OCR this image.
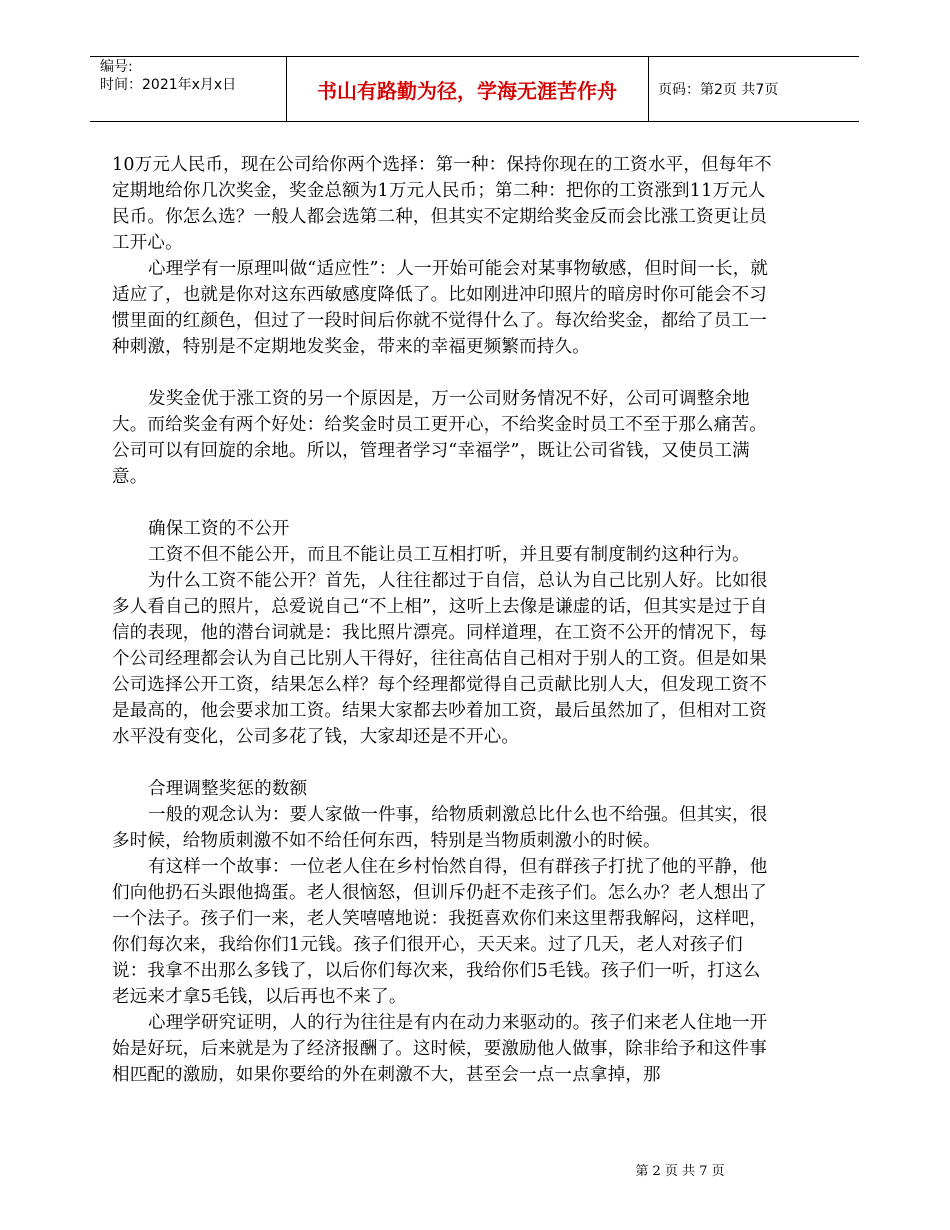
编号:
时间：2021年x月x日	书山有路勤为径，学海无涯苦作舟	页码：第2页 共7页

10万元人民币，现在公司给你两个选择：第一种：保持你现在的工资水平，但每年不定期地给你几次奖金，奖金总额为1万元人民币；第二种：把你的工资涨到11万元人民币。你怎么选？一般人都会选第二种，但其实不定期给奖金反而会比涨工资更让员工开心。

心理学有一原理叫做“适应性”：人一开始可能会对某事物敏感，但时间一长，就适应了，也就是你对这东西敏感度降低了。比如刚进冲印照片的暗房时你可能会不习惯里面的红颜色，但过了一段时间后你就不觉得什么了。每次给奖金，都给了员工一种刺激，特别是不定期地发奖金，带来的幸福更频繁而持久。

发奖金优于涨工资的另一个原因是，万一公司财务情况不好，公司可调整余地大。而给奖金有两个好处：给奖金时员工更开心，不给奖金时员工不至于那么痛苦。公司可以有回旋的余地。所以，管理者学习“幸福学”，既让公司省钱，又使员工满意。

确保工资的不公开

工资不但不能公开，而且不能让员工互相打听，并且要有制度制约这种行为。

为什么工资不能公开？首先，人往往都过于自信，总认为自己比别人好。比如很多人看自己的照片，总爱说自己“不上相”，这听上去像是谦虚的话，但其实是过于自信的表现，他的潜台词就是：我比照片漂亮。同样道理，在工资不公开的情况下，每个公司经理都会认为自己比别人干得好，往往高估自己相对于别人的工资。但是如果公司选择公开工资，结果怎么样？每个经理都觉得自己贡献比别人大，但发现工资不是最高的，他会要求加工资。结果大家都去吵着加工资，最后虽然加了，但相对工资水平没有变化，公司多花了钱，大家却还是不开心。

合理调整奖惩的数额

一般的观念认为：要人家做一件事，给物质刺激总比什么也不给强。但其实，很多时候，给物质刺激不如不给任何东西，特别是当物质刺激小的时候。

有这样一个故事：一位老人住在乡村怡然自得，但有群孩子打扰了他的平静，他们向他扔石头跟他捣蛋。老人很恼怒，但训斥仍赶不走孩子们。怎么办？老人想出了一个法子。孩子们一来，老人笑嘻嘻地说：我挺喜欢你们来这里帮我解闷，这样吧，你们每次来，我给你们1元钱。孩子们很开心，天天来。过了几天，老人对孩子们说：我拿不出那么多钱了，以后你们每次来，我给你们5毛钱。孩子们一听，打这么老远来才拿5毛钱，以后再也不来了。

心理学研究证明，人的行为往往是有内在动力来驱动的。孩子们来老人住地一开始是好玩，后来就是为了经济报酬了。这时候，要激励他人做事，除非给予和这件事相匹配的激励，如果你要给的外在刺激不大，甚至会一点一点拿掉，那

第 2 页 共 7 页
